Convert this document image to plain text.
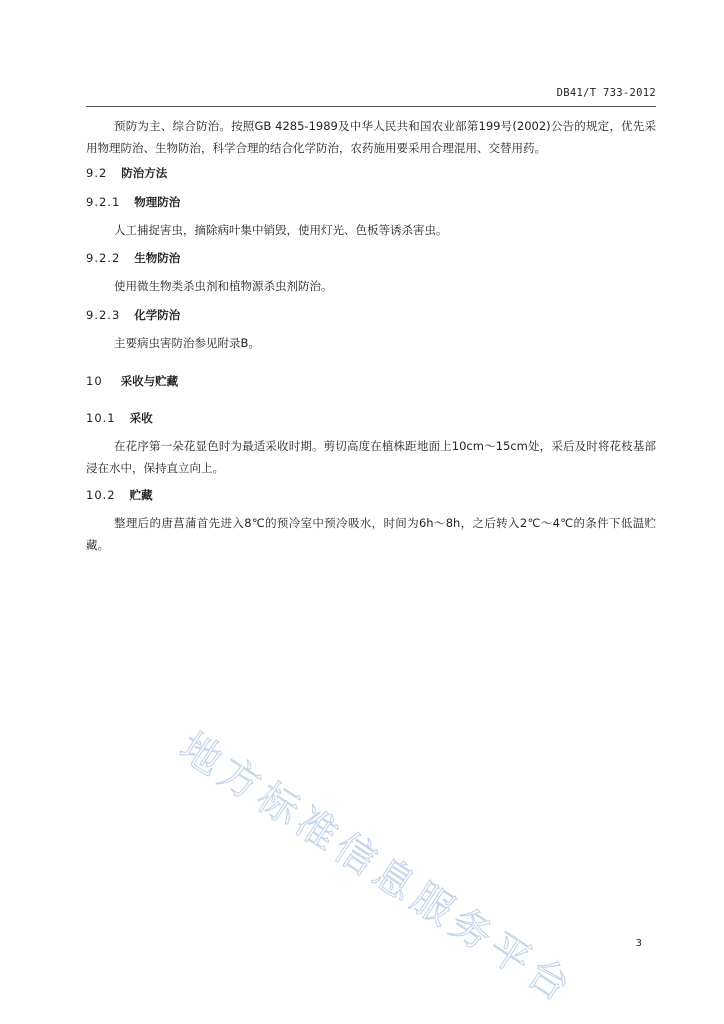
DB41/T 733-2012

预防为主、综合防治。按照GB 4285-1989及中华人民共和国农业部第199号(2002)公告的规定，优先采用物理防治、生物防治，科学合理的结合化学防治，农药施用要采用合理混用、交替用药。

9.2 防治方法
9.2.1 物理防治

人工捕捉害虫，摘除病叶集中销毁，使用灯光、色板等诱杀害虫。

9.2.2 生物防治

使用微生物类杀虫剂和植物源杀虫剂防治。

9.2.3 化学防治

主要病虫害防治参见附录B。

10 采收与贮藏
10.1 采收

在花序第一朵花显色时为最适采收时期。剪切高度在植株距地面上10cm～15cm处，采后及时将花枝基部浸在水中，保持直立向上。

10.2 贮藏

整理后的唐菖蒲首先进入8℃的预冷室中预冷吸水，时间为6h～8h，之后转入2℃～4℃的条件下低温贮藏。

地方标准信息服务平台	3
